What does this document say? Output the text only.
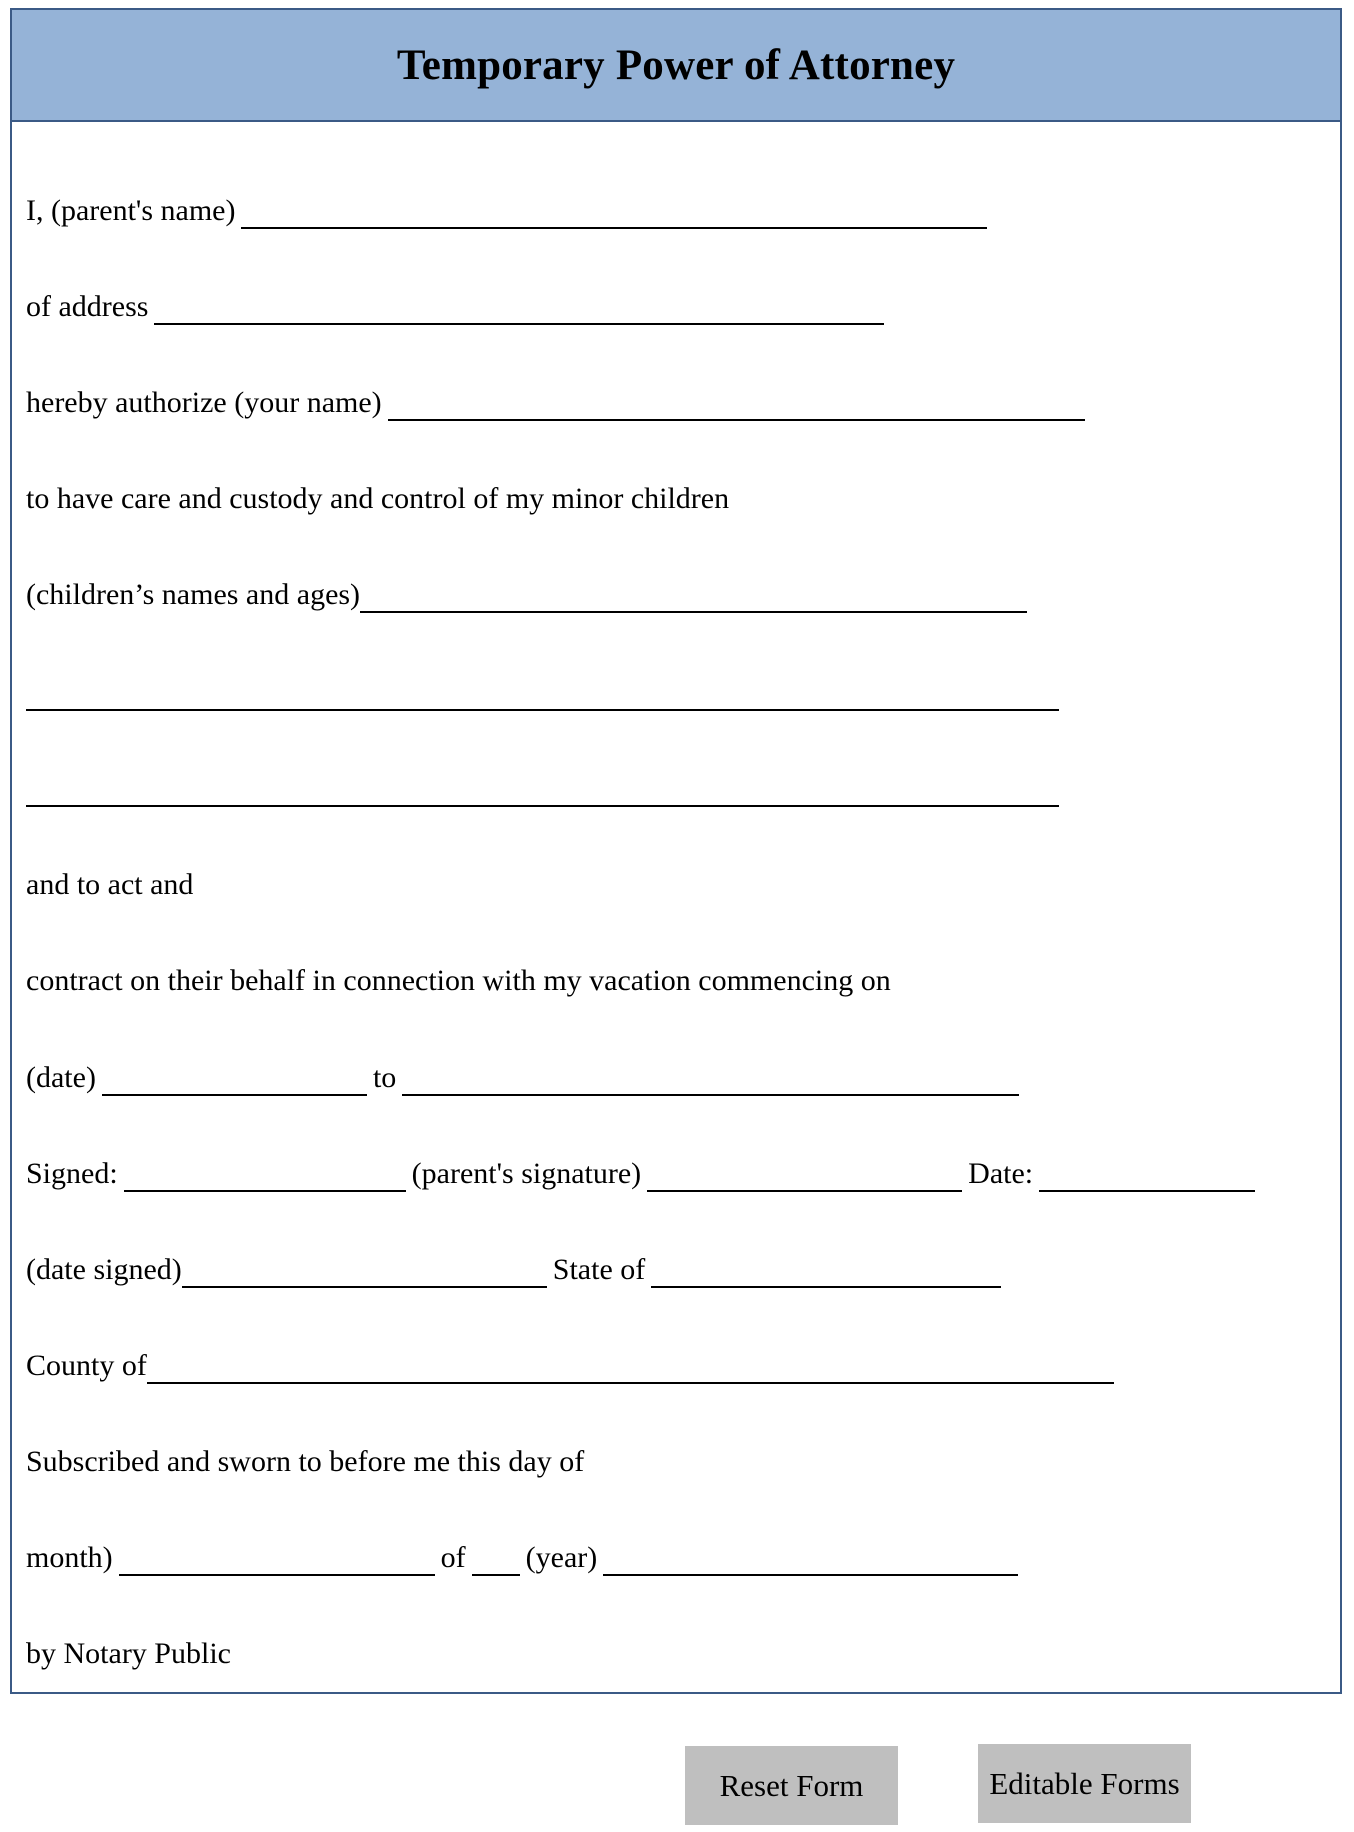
Temporary Power of Attorney
I, (parent's name)
of address
hereby authorize (your name)
to have care and custody and control of my minor children
(children’s names and ages)
and to act and
contract on their behalf in connection with my vacation commencing on
(date)	to
Signed:	(parent's signature)	Date:
(date signed)	State of
County of
Subscribed and sworn to before me this day of
month)	of (year)
by Notary Public
Reset Form	Editable Forms
